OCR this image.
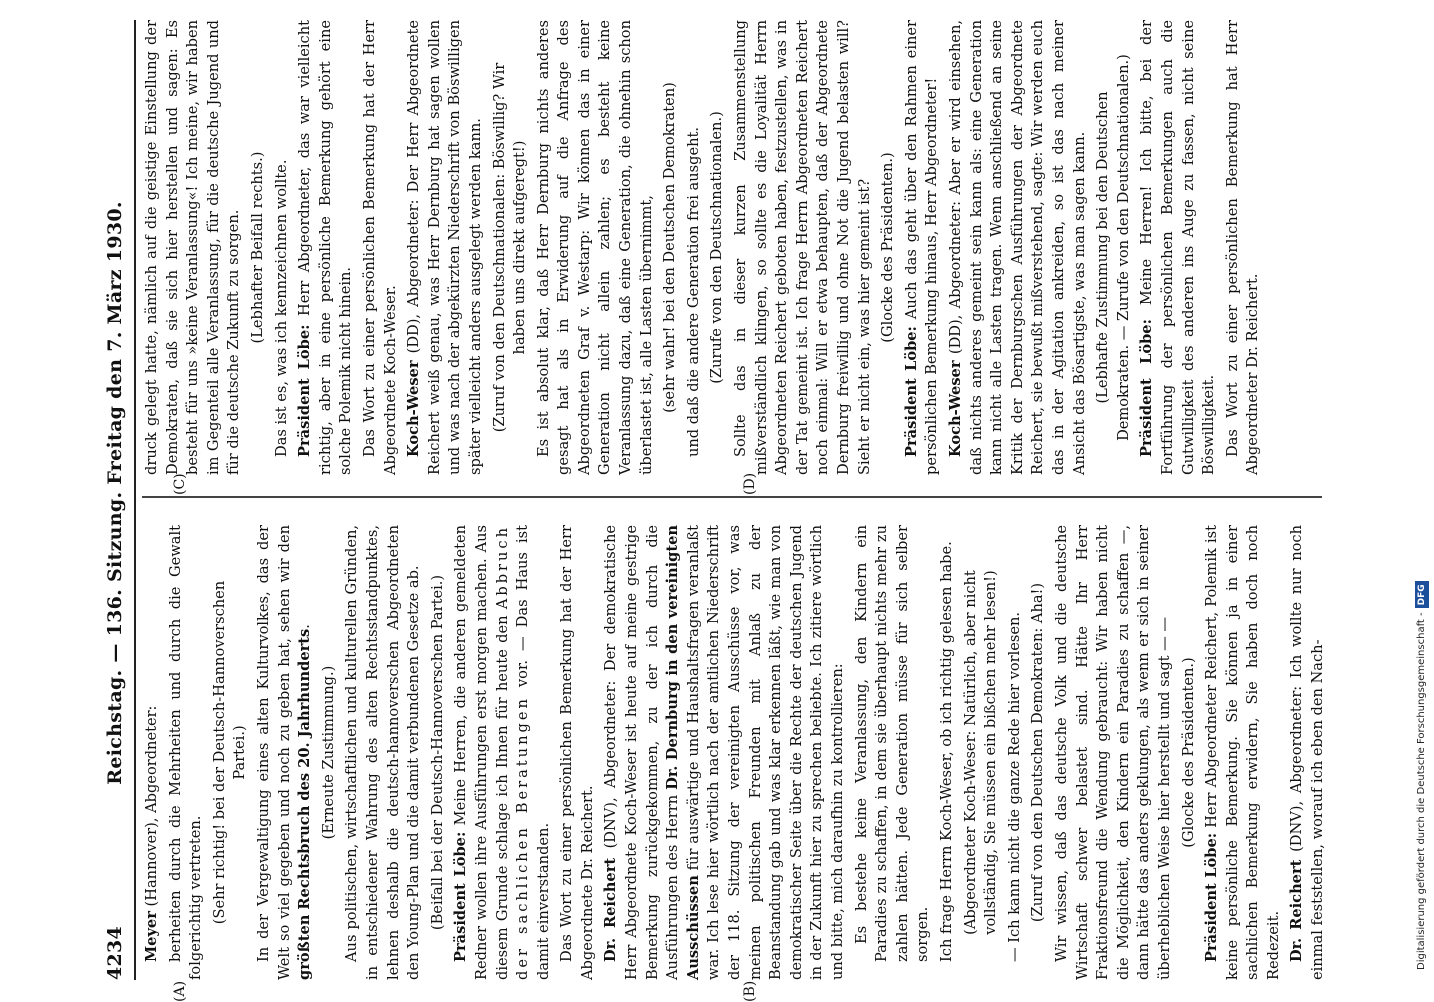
4234
Reichstag. — 136. Sitzung. Freitag den 7. März 1930.

Meyer (Hannover), Abgeordneter: berheiten durch die Mehrheiten und durch die Gewalt folgerichtig vertreten. (Sehr richtig! bei der Deutsch-Hannoverschen Partei.) In der Vergewaltigung eines alten Kulturvolkes, das der Welt so viel gegeben und noch zu geben hat, sehen wir den größten Rechtsbruch des 20. Jahrhunderts.

(Erneute Zustimmung.) Aus politischen, wirtschaftlichen und kulturellen Gründen, in entschiedener Wahrung des alten Rechtsstandpunktes, lehnen deshalb die deutsch-hannoverschen Abgeordneten den Young-Plan und die damit verbundenen Gesetze ab. (Beifall bei der Deutsch-Hannoverschen Partei.) Präsident Löbe: Meine Herren, die anderen gemeldeten Redner wollen ihre Ausführungen erst morgen machen. Aus diesem Grunde schlage ich Ihnen für heute den Abbruch der sachlichen Beratungen vor. — Das Haus ist damit einverstanden. Das Wort zu einer persönlichen Bemerkung hat der Herr Abgeordnete Dr. Reichert. Dr. Reichert (DNV), Abgeordneter: Der demokratische Herr Abgeordnete Koch-Weser ist heute auf meine gestrige Bemerkung zurückgekommen, zu der ich durch die Ausführungen des Herrn Dr. Dernburg in den vereinigten Ausschüssen für auswärtige und Haushaltsfragen veranlaßt war. Ich lese hier wörtlich nach der amtlichen Niederschrift der 118. Sitzung der vereinigten Ausschüsse vor, was meinen politischen Freunden mit Anlaß zu der Beanstandung gab und was klar erkennen läßt, wie man von demokratischer Seite über die Rechte der deutschen Jugend in der Zukunft hier zu sprechen beliebte. Ich zitiere wörtlich und bitte, mich daraufhin zu kontrollieren: Es bestehe keine Veranlassung, den Kindern ein Paradies zu schaffen, in dem sie überhaupt nichts mehr zu zahlen hätten. Jede Generation müsse für sich selber sorgen. Ich frage Herrn Koch-Weser, ob ich richtig gelesen habe. (Abgeordneter Koch-Weser: Natürlich, aber nicht vollständig, Sie müssen ein bißchen mehr lesen!) — Ich kann nicht die ganze Rede hier vorlesen. (Zuruf von den Deutschen Demokraten: Aha!) Wir wissen, daß das deutsche Volk und die deutsche Wirtschaft schwer belastet sind. Hätte Ihr Herr Fraktionsfreund die Wendung gebraucht: Wir haben nicht die Möglichkeit, den Kindern ein Paradies zu schaffen —, dann hätte das anders geklungen, als wenn er sich in seiner überheblichen Weise hier herstellt und sagt — — (Glocke des Präsidenten.)

Präsident Löbe: Herr Abgeordneter Reichert, Polemik ist keine persönliche Bemerkung. Sie können ja in einer sachlichen Bemerkung erwidern, Sie haben doch noch Redezeit. Dr. Reichert (DNV), Abgeordneter: Ich wollte nur noch einmal feststellen, worauf ich eben den Nach-

druck gelegt hatte, nämlich auf die geistige Einstellung der Demokraten, daß sie sich hier herstellen und sagen: Es besteht für uns »keine Veranlassung«! Ich meine, wir haben im Gegenteil alle Veranlassung, für die deutsche Jugend und für die deutsche Zukunft zu sorgen. (Lebhafter Beifall rechts.) Das ist es, was ich kennzeichnen wollte. Präsident Löbe: Herr Abgeordneter, das war vielleicht richtig, aber in eine persönliche Bemerkung gehört eine solche Polemik nicht hinein. Das Wort zu einer persönlichen Bemerkung hat der Herr Abgeordnete Koch-Weser. Koch-Weser (DD), Abgeordneter: Der Herr Abgeordnete Reichert weiß genau, was Herr Dernburg hat sagen wollen und was nach der abgekürzten Niederschrift von Böswilligen später vielleicht anders ausgelegt werden kann. (Zuruf von den Deutschnationalen: Böswillig? Wir haben uns direkt aufgeregt!) Es ist absolut klar, daß Herr Dernburg nichts anderes gesagt hat als in Erwiderung auf die Anfrage des Abgeordneten Graf v. Westarp: Wir können das in einer Generation nicht allein zahlen; es besteht keine Veranlassung dazu, daß eine Generation, die ohnehin schon überlastet ist, alle Lasten übernimmt, (sehr wahr! bei den Deutschen Demokraten) und daß die andere Generation frei ausgeht. (Zurufe von den Deutschnationalen.) Sollte das in dieser kurzen Zusammenstellung mißverständlich klingen, so sollte es die Loyalität Herrn Abgeordneten Reichert geboten haben, festzustellen, was in der Tat gemeint ist. Ich frage Herrn Abgeordneten Reichert noch einmal: Will er etwa behaupten, daß der Abgeordnete Dernburg freiwillig und ohne Not die Jugend belasten will? Sieht er nicht ein, was hier gemeint ist? (Glocke des Präsidenten.)

Präsident Löbe: Auch das geht über den Rahmen einer persönlichen Bemerkung hinaus, Herr Abgeordneter! Koch-Weser (DD), Abgeordneter: Aber er wird einsehen, daß nichts anderes gemeint sein kann als: eine Generation kann nicht alle Lasten tragen. Wenn anschließend an seine Kritik der Dernburgschen Ausführungen der Abgeordnete Reichert, sie bewußt mißverstehend, sagte: Wir werden euch das in der Agitation ankreiden, so ist das nach meiner Ansicht das Bösartigste, was man sagen kann. (Lebhafte Zustimmung bei den Deutschen Demokraten. — Zurufe von den Deutschnationalen.) Präsident Löbe: Meine Herren! Ich bitte, bei der Fortführung der persönlichen Bemerkungen auch die Gutwilligkeit des anderen ins Auge zu fassen, nicht seine Böswilligkeit. Das Wort zu einer persönlichen Bemerkung hat Herr Abgeordneter Dr. Reichert.

(A)	(B)
(C)	(D)
Digitalisierung gefördert durch die Deutsche Forschungsgemeinschaft -DFG
